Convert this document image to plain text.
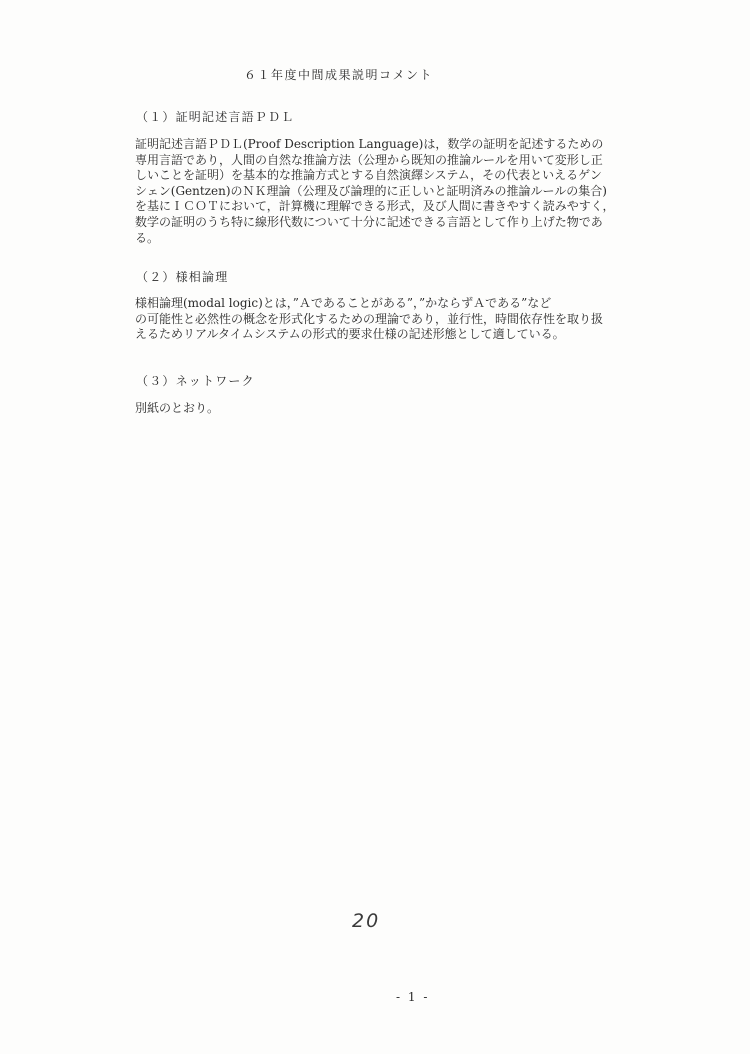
６１年度中間成果説明コメント
（１）証明記述言語ＰＤＬ
証明記述言語ＰＤＬ(Proof Description Language)は，数学の証明を記述するための
専用言語であり，人間の自然な推論方法（公理から既知の推論ルールを用いて変形し正
しいことを証明）を基本的な推論方式とする自然演繹システム，その代表といえるゲン
シェン(Gentzen)のＮＫ理論（公理及び論理的に正しいと証明済みの推論ルールの集合)
を基にＩＣＯＴにおいて，計算機に理解できる形式，及び人間に書きやすく読みやすく，
数学の証明のうち特に線形代数について十分に記述できる言語として作り上げた物であ
る。
（２）様相論理
様相論理(modal logic)とは，”Ａであることがある”，”かならずＡである”など
の可能性と必然性の概念を形式化するための理論であり，並行性，時間依存性を取り扱
えるためリアルタイムシステムの形式的要求仕様の記述形態として適している。
（３）ネットワーク
別紙のとおり。
20
- 1 -
